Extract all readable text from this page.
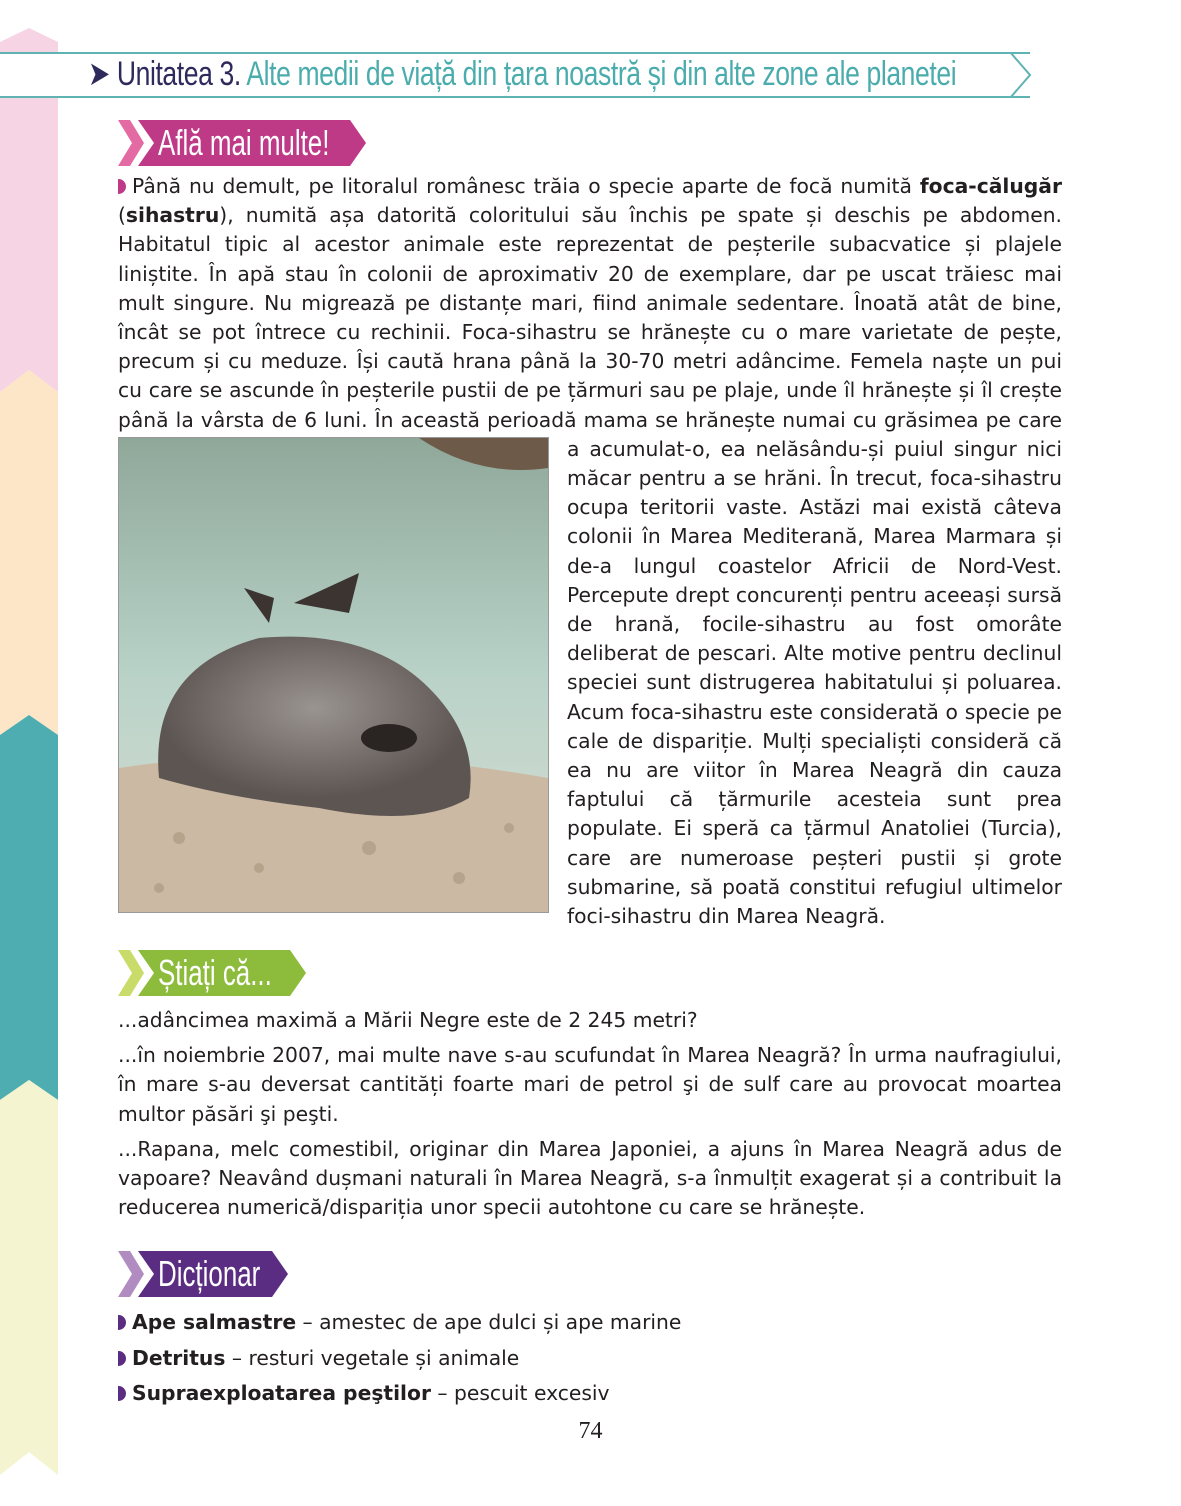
➤ Unitatea 3. Alte medii de viață din țara noastră și din alte zone ale planetei
Află mai multe!
Până nu demult, pe litoralul românesc trăia o specie aparte de focă numită foca-călugăr (sihastru), numită așa datorită coloritului său închis pe spate și deschis pe abdomen. Habitatul tipic al acestor animale este reprezentat de peșterile subacvatice și plajele liniștite. În apă stau în colonii de aproximativ 20 de exemplare, dar pe uscat trăiesc mai mult singure. Nu migrează pe distanțe mari, fiind animale sedentare. Înoată atât de bine, încât se pot întrece cu rechinii. Foca-sihastru se hrănește cu o mare varietate de pește, precum și cu meduze. Își caută hrana până la 30-70 metri adâncime. Femela naște un pui cu care se ascunde în peșterile pustii de pe țărmuri sau pe plaje, unde îl hrănește și îl crește până la vârsta de 6 luni. În această perioadă mama se hrănește numai cu grăsimea pe care
a acumulat-o, ea nelăsându-și puiul singur nici măcar pentru a se hrăni. În trecut, foca-sihastru ocupa teritorii vaste. Astăzi mai există câteva colonii în Marea Mediterană, Marea Marmara și de-a lungul coastelor Africii de Nord-Vest. Percepute drept concurenți pentru aceeași sursă de hrană, focile-sihastru au fost omorâte deliberat de pescari. Alte motive pentru declinul speciei sunt distrugerea habitatului și poluarea. Acum foca-sihastru este considerată o specie pe cale de dispariție. Mulți specialiști consideră că ea nu are viitor în Marea Neagră din cauza faptului că țărmurile acesteia sunt prea populate. Ei speră ca țărmul Anatoliei (Turcia), care are numeroase peșteri pustii și grote submarine, să poată constitui refugiul ultimelor foci-sihastru din Marea Neagră.
Știați că...

...adâncimea maximă a Mării Negre este de 2 245 metri?

...în noiembrie 2007, mai multe nave s-au scufundat în Marea Neagră? În urma naufragiului, în mare s-au deversat cantități foarte mari de petrol şi de sulf care au provocat moartea multor păsări şi peşti.

...Rapana, melc comestibil, originar din Marea Japoniei, a ajuns în Marea Neagră adus de vapoare? Neavând dușmani naturali în Marea Neagră, s-a înmulțit exagerat și a contribuit la reducerea numerică/dispariția unor specii autohtone cu care se hrănește.

Dicționar
Ape salmastre – amestec de ape dulci și ape marine
Detritus – resturi vegetale și animale
Supraexploatarea peştilor – pescuit excesiv
74
